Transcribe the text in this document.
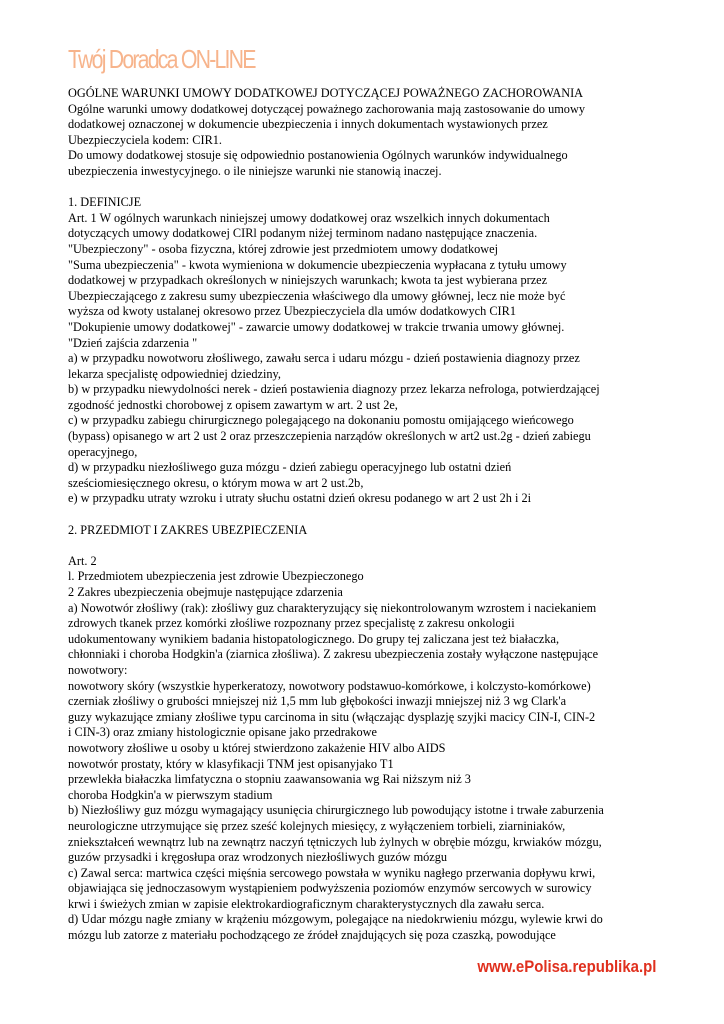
Twój Doradca ON-LINE
OGÓLNE WARUNKI UMOWY DODATKOWEJ DOTYCZĄCEJ POWAŻNEGO ZACHOROWANIA
Ogólne warunki umowy dodatkowej dotyczącej poważnego zachorowania mają zastosowanie do umowy
dodatkowej oznaczonej w dokumencie ubezpieczenia i innych dokumentach wystawionych przez
Ubezpieczyciela kodem: CIR1.
Do umowy dodatkowej stosuje się odpowiednio postanowienia Ogólnych warunków indywidualnego
ubezpieczenia inwestycyjnego. o ile niniejsze warunki nie stanowią inaczej.
1. DEFINICJE
Art. 1 W ogólnych warunkach niniejszej umowy dodatkowej oraz wszelkich innych dokumentach
dotyczących umowy dodatkowej CIRl podanym niżej terminom nadano następujące znaczenia.
"Ubezpieczony" - osoba fizyczna, której zdrowie jest przedmiotem umowy dodatkowej
"Suma ubezpieczenia" - kwota wymieniona w dokumencie ubezpieczenia wypłacana z tytułu umowy
dodatkowej w przypadkach określonych w niniejszych warunkach; kwota ta jest wybierana przez
Ubezpieczającego z zakresu sumy ubezpieczenia właściwego dla umowy głównej, lecz nie może być
wyższa od kwoty ustalanej okresowo przez Ubezpieczyciela dla umów dodatkowych CIR1
"Dokupienie umowy dodatkowej" - zawarcie umowy dodatkowej w trakcie trwania umowy głównej.
"Dzień zajścia zdarzenia "
a) w przypadku nowotworu złośliwego, zawału serca i udaru mózgu - dzień postawienia diagnozy przez
lekarza specjalistę odpowiedniej dziedziny,
b) w przypadku niewydolności nerek - dzień postawienia diagnozy przez lekarza nefrologa, potwierdzającej
zgodność jednostki chorobowej z opisem zawartym w art. 2 ust 2e,
c) w przypadku zabiegu chirurgicznego polegającego na dokonaniu pomostu omijającego wieńcowego
(bypass) opisanego w art 2 ust 2 oraz przeszczepienia narządów określonych w art2 ust.2g - dzień zabiegu
operacyjnego,
d) w przypadku niezłośliwego guza mózgu - dzień zabiegu operacyjnego lub ostatni dzień
sześciomiesięcznego okresu, o którym mowa w art 2 ust.2b,
e) w przypadku utraty wzroku i utraty słuchu ostatni dzień okresu podanego w art 2 ust 2h i 2i
2. PRZEDMIOT I ZAKRES UBEZPIECZENIA
Art. 2
l. Przedmiotem ubezpieczenia jest zdrowie Ubezpieczonego
2 Zakres ubezpieczenia obejmuje następujące zdarzenia
a) Nowotwór złośliwy (rak): złośliwy guz charakteryzujący się niekontrolowanym wzrostem i naciekaniem
zdrowych tkanek przez komórki złośliwe rozpoznany przez specjalistę z zakresu onkologii
udokumentowany wynikiem badania histopatologicznego. Do grupy tej zaliczana jest też białaczka,
chłonniaki i choroba Hodgkin'a (ziarnica złośliwa). Z zakresu ubezpieczenia zostały wyłączone następujące
nowotwory:
nowotwory skóry (wszystkie hyperkeratozy, nowotwory podstawuo-komórkowe, i kolczysto-komórkowe)
czerniak złośliwy o grubości mniejszej niż 1,5 mm lub głębokości inwazji mniejszej niż 3 wg Clark'a
guzy wykazujące zmiany złośliwe typu carcinoma in situ (włączając dysplazję szyjki macicy CIN-I, CIN-2
i CIN-3) oraz zmiany histologicznie opisane jako przedrakowe
nowotwory złośliwe u osoby u której stwierdzono zakażenie HIV albo AIDS
nowotwór prostaty, który w klasyfikacji TNM jest opisanyjako T1
przewlekła białaczka limfatyczna o stopniu zaawansowania wg Rai niższym niż 3
choroba Hodgkin'a w pierwszym stadium
b) Niezłośliwy guz mózgu wymagający usunięcia chirurgicznego lub powodujący istotne i trwałe zaburzenia
neurologiczne utrzymujące się przez sześć kolejnych miesięcy, z wyłączeniem torbieli, ziarniniaków,
zniekształceń wewnątrz lub na zewnątrz naczyń tętniczych lub żylnych w obrębie mózgu, krwiaków mózgu,
guzów przysadki i kręgosłupa oraz wrodzonych niezłośliwych guzów mózgu
c) Zawal serca: martwica części mięśnia sercowego powstała w wyniku nagłego przerwania dopływu krwi,
objawiająca się jednoczasowym wystąpieniem podwyższenia poziomów enzymów sercowych w surowicy
krwi i świeżych zmian w zapisie elektrokardiograficznym charakterystycznych dla zawału serca.
d) Udar mózgu nagłe zmiany w krążeniu mózgowym, polegające na niedokrwieniu mózgu, wylewie krwi do
mózgu lub zatorze z materiału pochodzącego ze źródeł znajdujących się poza czaszką, powodujące
www.ePolisa.republika.pl
